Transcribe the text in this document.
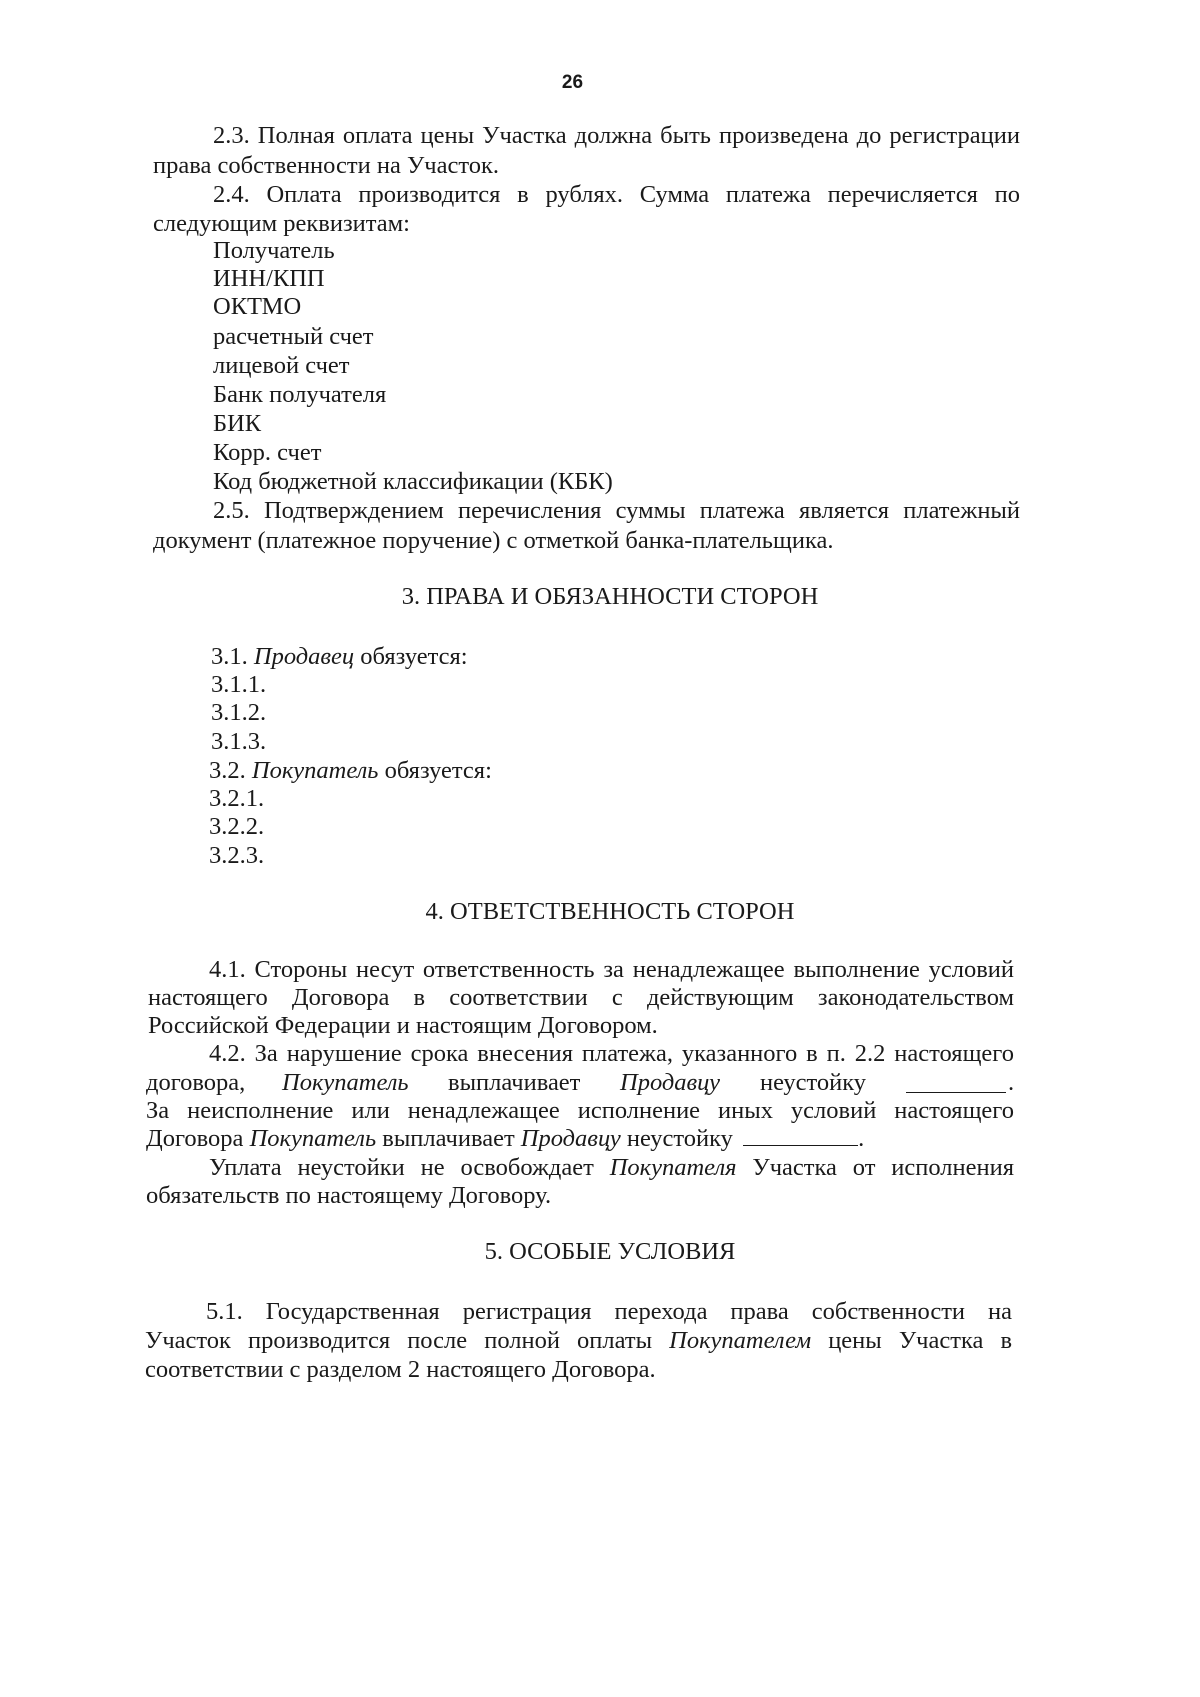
26
2.3. Полная оплата цены Участка должна быть произведена до регистрации
права собственности на Участок.
2.4. Оплата производится в рублях. Сумма платежа перечисляется по
следующим реквизитам:
Получатель
ИНН/КПП
ОКТМО
расчетный счет
лицевой счет
Банк получателя
БИК
Корр. счет
Код бюджетной классификации (КБК)
2.5. Подтверждением перечисления суммы платежа является платежный
документ (платежное поручение) с отметкой банка-плательщика.
3. ПРАВА И ОБЯЗАННОСТИ СТОРОН
3.1. Продавец обязуется:
3.1.1.
3.1.2.
3.1.3.
3.2. Покупатель обязуется:
3.2.1.
3.2.2.
3.2.3.
4. ОТВЕТСТВЕННОСТЬ СТОРОН
4.1. Стороны несут ответственность за ненадлежащее выполнение условий
настоящего Договора в соответствии с действующим законодательством
Российской Федерации и настоящим Договором.
4.2. За нарушение срока внесения платежа, указанного в п. 2.2 настоящего
договора, Покупатель выплачивает Продавцу неустойку	.
За неисполнение или ненадлежащее исполнение иных условий настоящего
Договора Покупатель выплачивает Продавцу неустойку	.
Уплата неустойки не освобождает Покупателя Участка от исполнения
обязательств по настоящему Договору.
5. ОСОБЫЕ УСЛОВИЯ
5.1. Государственная регистрация перехода права собственности на
Участок производится после полной оплаты Покупателем цены Участка в
соответствии с разделом 2 настоящего Договора.
